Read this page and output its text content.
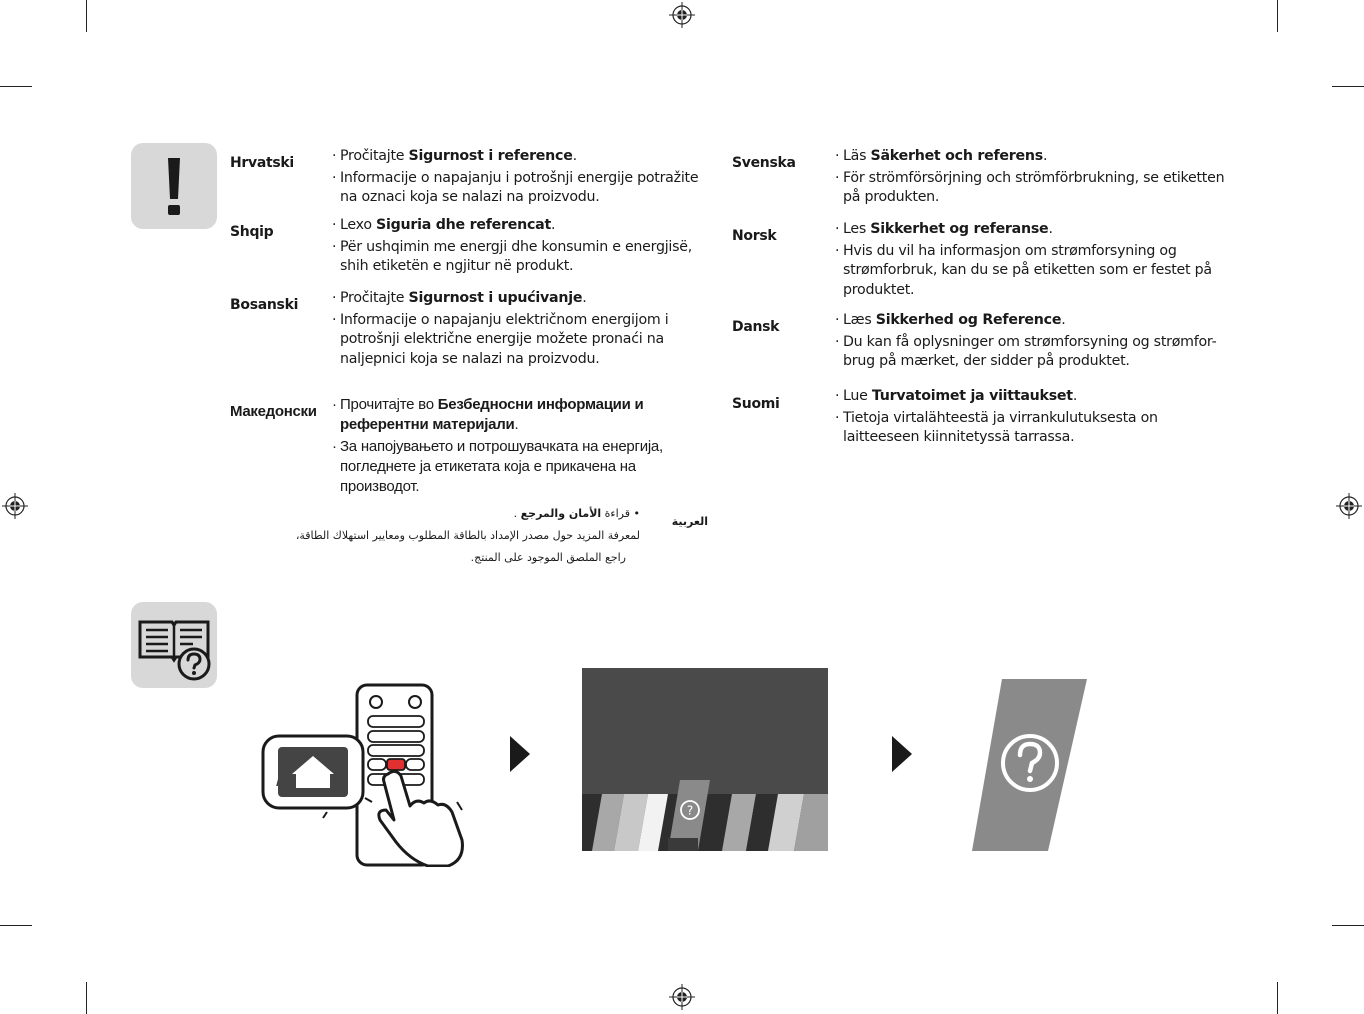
Hrvatski	· Pročitajte Sigurnost i reference.

· Informacije o napajanju i potrošnji energije potražite na oznaci koja se nalazi na proizvodu.

Shqip	· Lexo Siguria dhe referencat.

· Për ushqimin me energji dhe konsumin e energjisë, shih etiketën e ngjitur në produkt.

Bosanski	· Pročitajte Sigurnost i upućivanje.

· Informacije o napajanju električnom energijom i potrošnji električne energije možete pronaći na naljepnici koja se nalazi na proizvodu.

Македонски	· Прочитајте во Безбедносни информации и референтни материјали.

· За напојувањето и потрошувачката на енергија, погледнете ја етикетата која е прикачена на производот.

العربية
• قراءة الأمان والمرجع .
لمعرفة المزيد حول مصدر الإمداد بالطاقة المطلوب ومعايير استهلاك الطاقة،
راجع الملصق الموجود على المنتج.
Svenska	· Läs Säkerhet och referens.

· För strömförsörjning och strömförbrukning, se etiketten på produkten.

Norsk	· Les Sikkerhet og referanse.

· Hvis du vil ha informasjon om strømforsyning og strømforbruk, kan du se på etiketten som er festet på produktet.

Dansk	· Læs Sikkerhed og Reference.

· Du kan få oplysninger om strømforsyning og strømfor-brug på mærket, der sidder på produktet.

Suomi	· Lue Turvatoimet ja viittaukset.

· Tietoja virtalähteestä ja virrankulutuksesta on laitteeseen kiinnitetyssä tarrassa.

?
